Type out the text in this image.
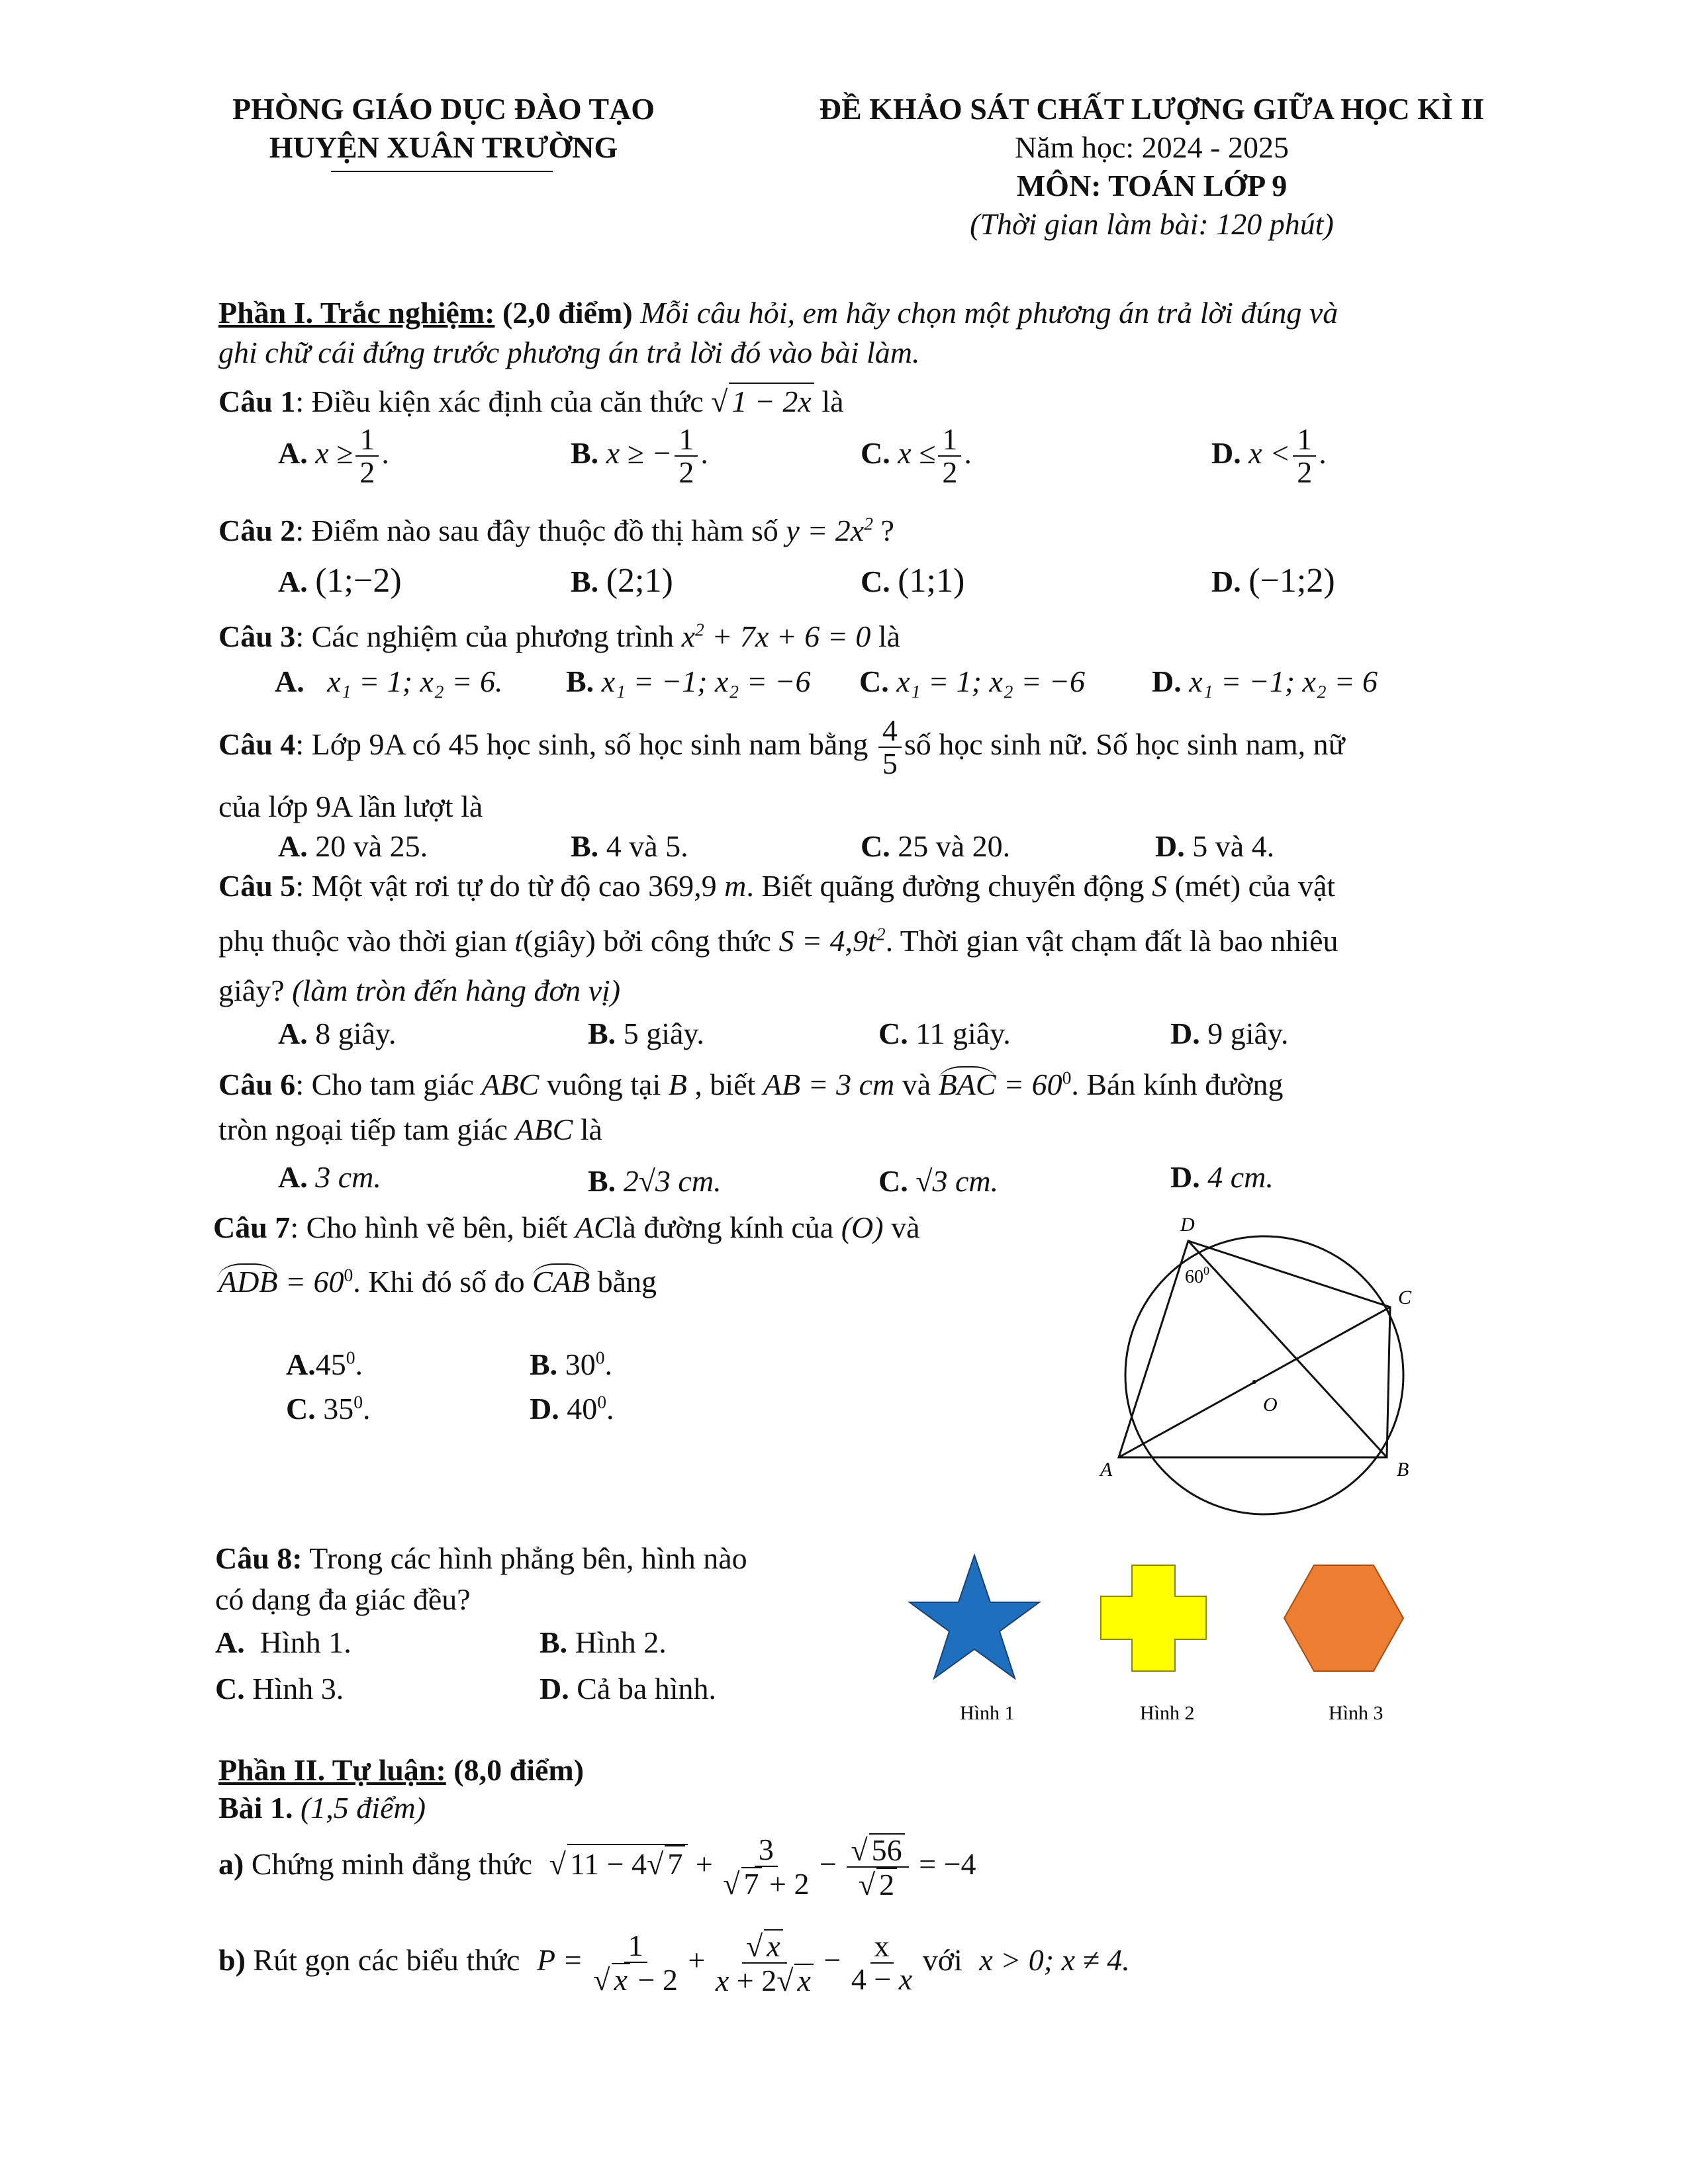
PHÒNG GIÁO DỤC ĐÀO TẠO
HUYỆN XUÂN TRƯỜNG
ĐỀ KHẢO SÁT CHẤT LƯỢNG GIỮA HỌC KÌ II
Năm học: 2024 - 2025
MÔN: TOÁN LỚP 9
(Thời gian làm bài: 120 phút)
Phần I. Trắc nghiệm: (2,0 điểm) Mỗi câu hỏi, em hãy chọn một phương án trả lời đúng và
ghi chữ cái đứng trước phương án trả lời đó vào bài làm.
Câu 1: Điều kiện xác định của căn thức √ 1 − 2x là
A. $x \ge \frac{1}{2}$ .	B. x ≥ − $\frac{1}{2}$ .	C. $x \le \frac{1}{2}$ .	D. $x < \frac{1}{2}$ .
Câu 2: Điểm nào sau đây thuộc đồ thị hàm số $y = 2x^2$ ?
A. (1;−2)	B. (2;1)	C. (1;1)	D. (−1;2)
Câu 3: Các nghiệm của phương trình $x^2 + 7x + 6 = 0$ là
A. x₁ = 1; x₂ = 6. B. x₁ = −1; x₂ = −6 C. x₁ = 1; x₂ = −6 D. x₁ = −1; x₂ = 6
Câu 4: Lớp 9A có 45 học sinh, số học sinh nam bằng $\frac{4}{5}$ số học sinh nữ. Số học sinh nam, nữ
của lớp 9A lần lượt là
A. 20 và 25.	B. 4 và 5.	C. 25 và 20.	D. 5 và 4.
Câu 5: Một vật rơi tự do từ độ cao 369,9 m. Biết quãng đường chuyển động S (mét) của vật
phụ thuộc vào thời gian t(giây) bởi công thức $S = 4,9t^2$. Thời gian vật chạm đất là bao nhiêu
giây? (làm tròn đến hàng đơn vị)
A. 8 giây.	B. 5 giây.	C. 11 giây.	D. 9 giây.
Câu 6: Cho tam giác ABC vuông tại B , biết AB = 3 cm và BAC = $60^0$. Bán kính đường
tròn ngoại tiếp tam giác ABC là
A. 3 cm.	B. 2√3 cm.	C. √3 cm.	D. 4 cm.
Câu 7: Cho hình vẽ bên, biết AClà đường kính của (O) và
ADB = $60^0$. Khi đó số đo CAB bằng
$A.45^0$.	B. $30^0$.
C. $35^0$.	D. $40^0$.
D
C
O
A	B
$60^0$
Câu 8: Trong các hình phẳng bên, hình nào
có dạng đa giác đều?
A. Hình 1.	B. Hình 2.
C. Hình 3.	D. Cả ba hình.
Hình 1	Hình 2	Hình 3
Phần II. Tự luận: (8,0 điểm)
Bài 1. (1,5 điểm)
a) Chứng minh đẳng thức √ 11 − 4√ $7 + \frac{3}{√ 7 + 2} - \frac{√ 56}{√ 2} = -4$
b) Rút gọn các biểu thức $P = \frac{1}{√ x - 2} + \frac{√ x}{x + 2√ x} - \frac{x}{4 - x}$ với x > 0; x ≠ 4.
